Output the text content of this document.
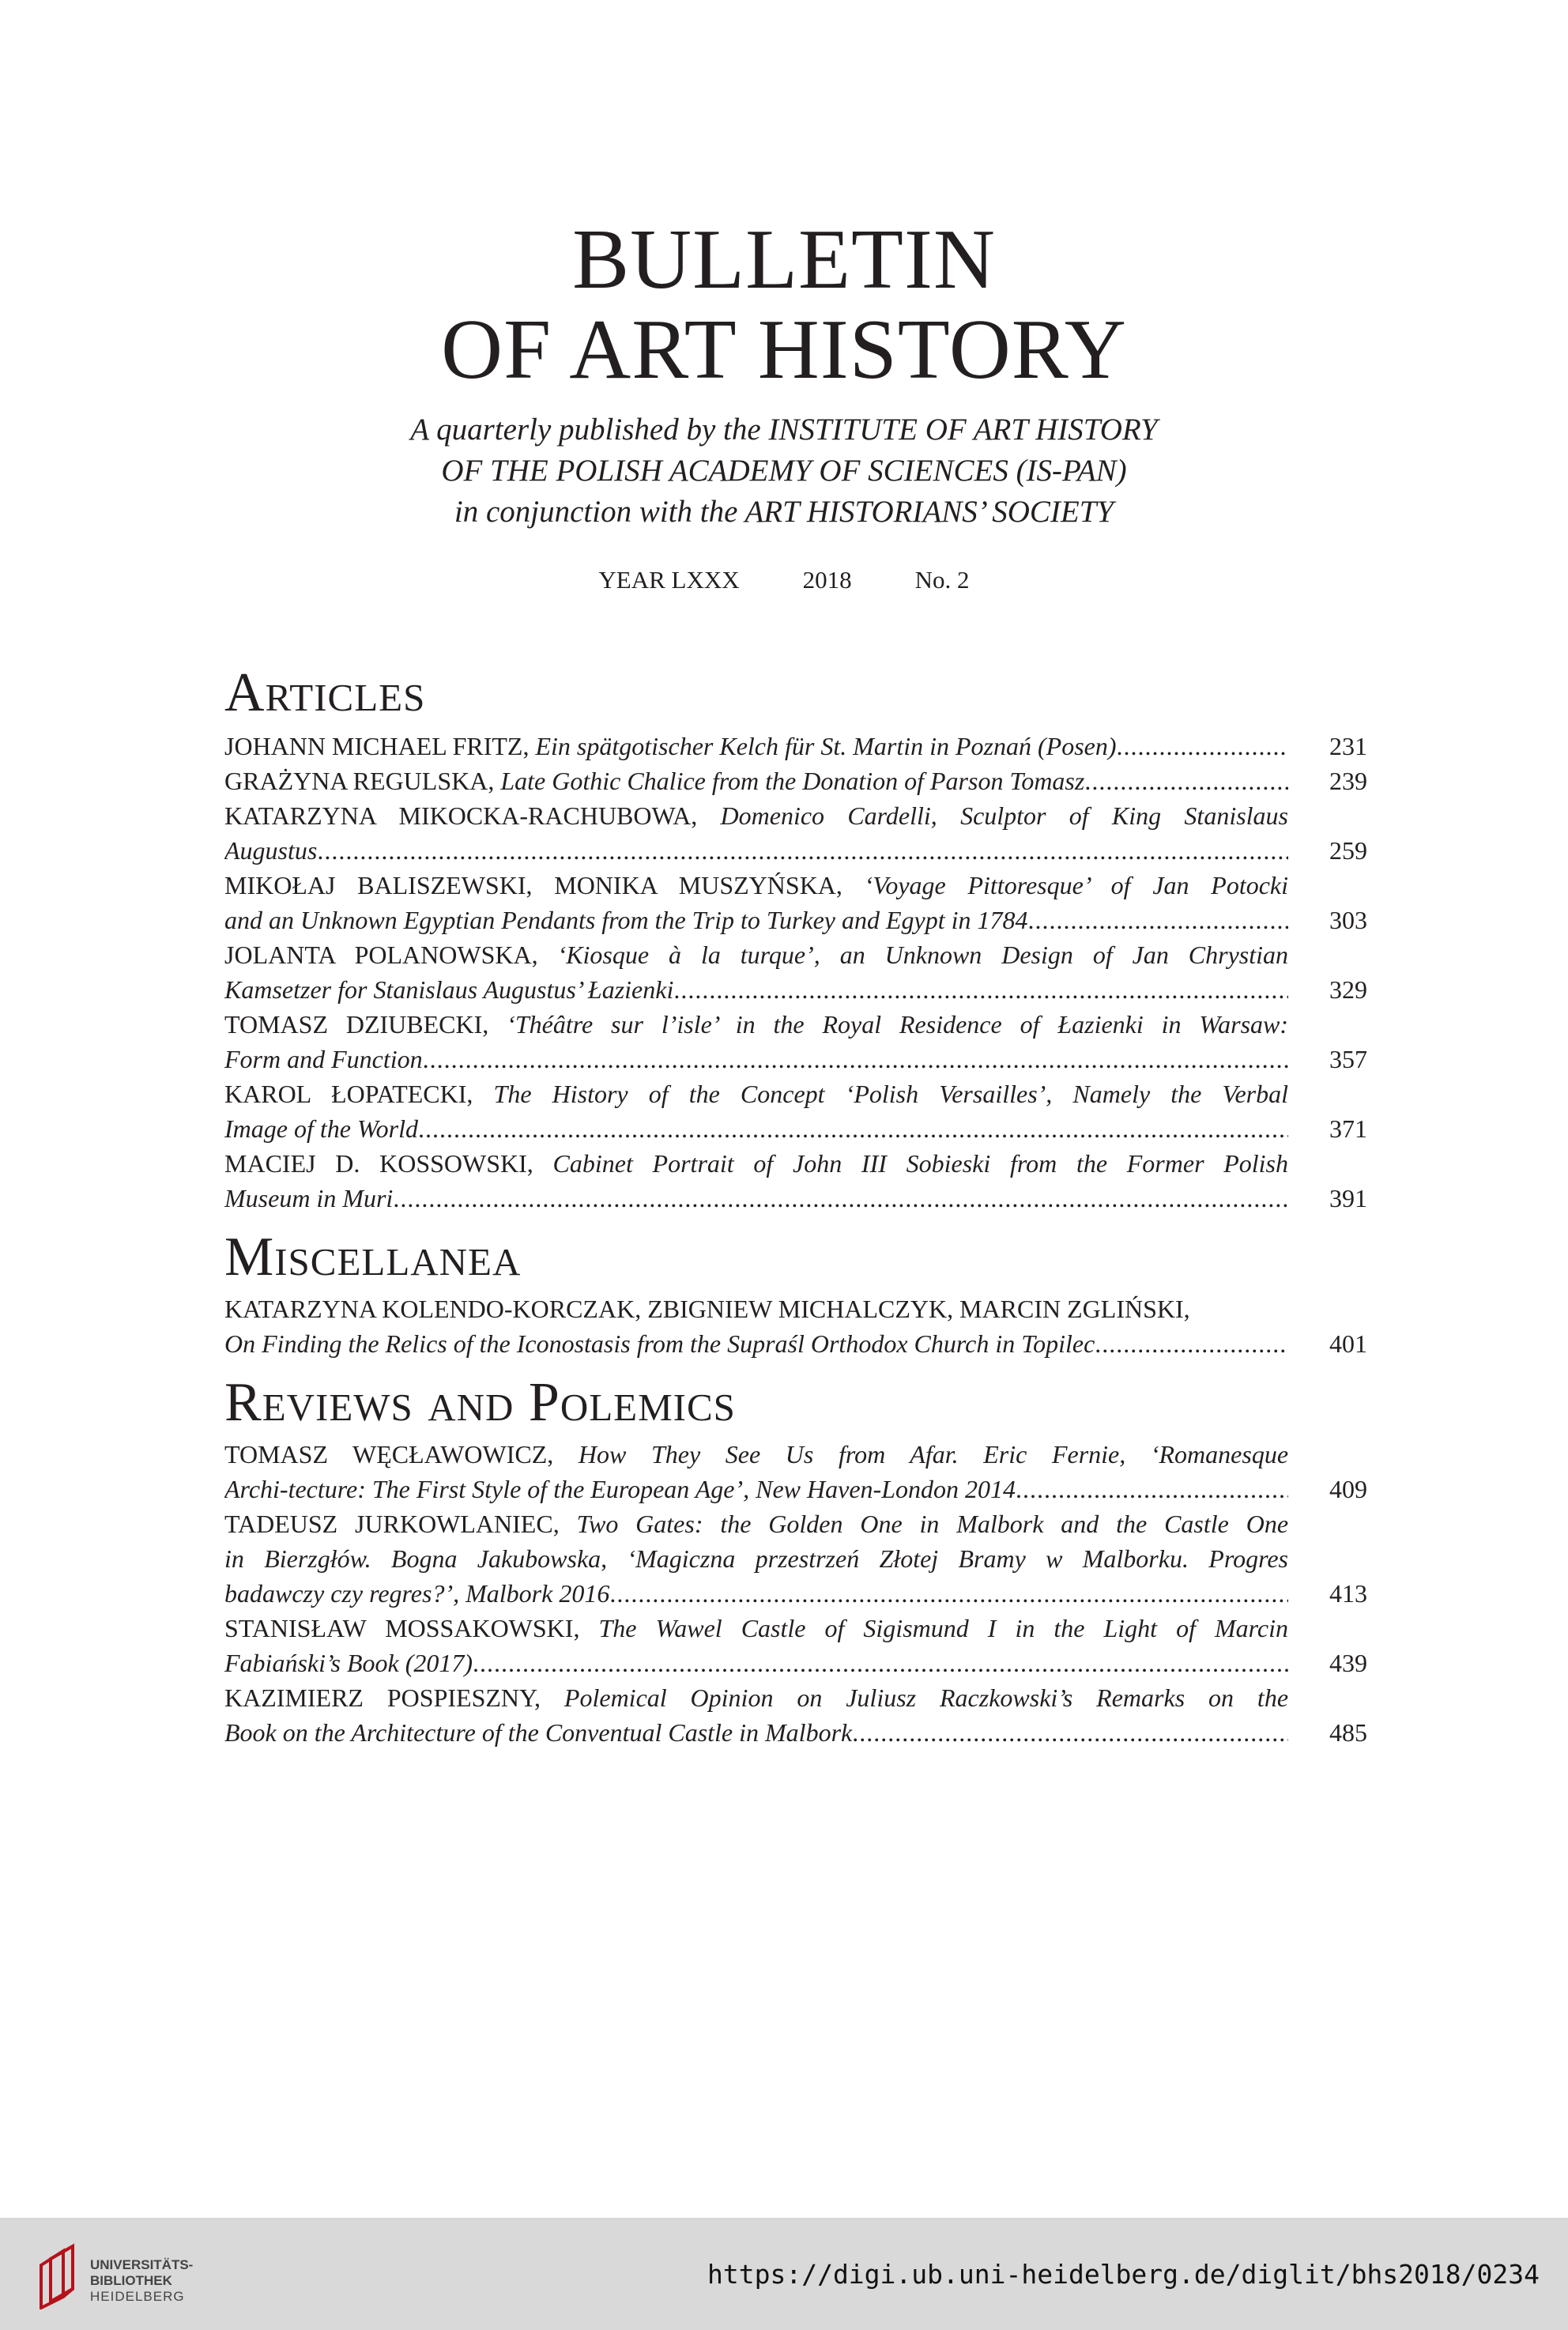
BULLETIN
OF ART HISTORY
A quarterly published by the INSTITUTE OF ART HISTORY
OF THE POLISH ACADEMY OF SCIENCES (IS-PAN)
in conjunction with the ART HISTORIANS’ SOCIETY
YEAR LXXX	2018	No. 2
Articles
JOHANN MICHAEL FRITZ, Ein spätgotischer Kelch für St. Martin in Poznań (Posen) .....	231
GRAŻYNA REGULSKA, Late Gothic Chalice from the Donation of Parson Tomasz .....	239
KATARZYNA MIKOCKA-RACHUBOWA, Domenico Cardelli, Sculptor of King Stanislaus
Augustus .....	259
MIKOŁAJ BALISZEWSKI, MONIKA MUSZYŃSKA, ‘Voyage Pittoresque’ of Jan Potocki
and an Unknown Egyptian Pendants from the Trip to Turkey and Egypt in 1784 .....	303
JOLANTA POLANOWSKA, ‘Kiosque à la turque’, an Unknown Design of Jan Chrystian
Kamsetzer for Stanislaus Augustus’ Łazienki .....	329
TOMASZ DZIUBECKI, ‘Théâtre sur l’isle’ in the Royal Residence of Łazienki in Warsaw:
Form and Function .....	357
KAROL ŁOPATECKI, The History of the Concept ‘Polish Versailles’, Namely the Verbal
Image of the World .....	371
MACIEJ D. KOSSOWSKI, Cabinet Portrait of John III Sobieski from the Former Polish
Museum in Muri .....	391
Miscellanea
KATARZYNA KOLENDO-KORCZAK, ZBIGNIEW MICHALCZYK, MARCIN ZGLIŃSKI,
On Finding the Relics of the Iconostasis from the Supraśl Orthodox Church in Topilec .....	401
Reviews and Polemics
TOMASZ WĘCŁAWOWICZ, How They See Us from Afar. Eric Fernie, ‘Romanesque
Archi-tecture: The First Style of the European Age’, New Haven-London 2014 .....	409
TADEUSZ JURKOWLANIEC, Two Gates: the Golden One in Malbork and the Castle One
in Bierzgłów. Bogna Jakubowska, ‘Magiczna przestrzeń Złotej Bramy w Malborku. Progres
badawczy czy regres?’, Malbork 2016 .....	413
STANISŁAW MOSSAKOWSKI, The Wawel Castle of Sigismund I in the Light of Marcin
Fabiański’s Book (2017) .....	439
KAZIMIERZ POSPIESZNY, Polemical Opinion on Juliusz Raczkowski’s Remarks on the
Book on the Architecture of the Conventual Castle in Malbork .....	485
UNIVERSITÄTS-
BIBLIOTHEK
HEIDELBERG
https://digi.ub.uni-heidelberg.de/diglit/bhs2018/0234
